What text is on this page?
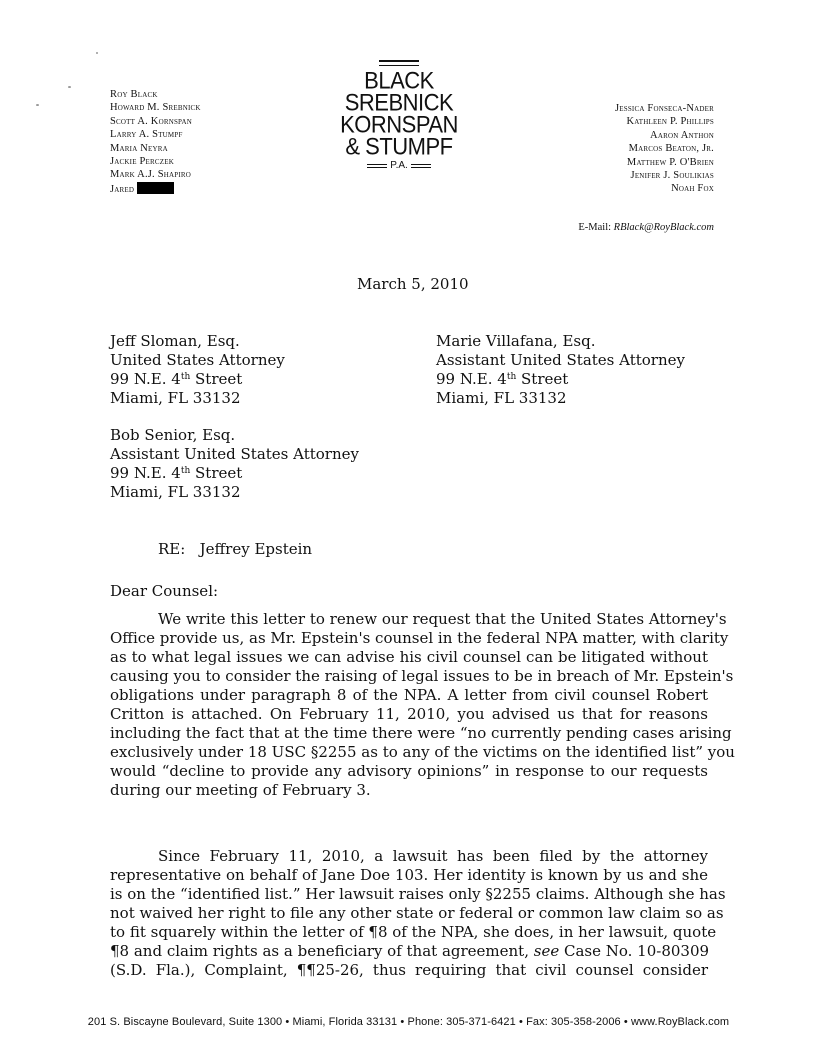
Roy Black
Howard M. Srebnick
Scott A. Kornspan
Larry A. Stumpf
Maria Neyra
Jackie Perczek
Mark A.J. Shapiro
Jared
BLACK
SREBNICK
KORNSPAN
& STUMPF
P.A.
Jessica Fonseca-Nader
Kathleen P. Phillips
Aaron Anthon
Marcos Beaton, Jr.
Matthew P. O'Brien
Jenifer J. Soulikias
Noah Fox
E-Mail: RBlack@RoyBlack.com
March 5, 2010
Jeff Sloman, Esq.
United States Attorney
99 N.E. 4th Street
Miami, FL 33132
Marie Villafana, Esq.
Assistant United States Attorney
99 N.E. 4th Street
Miami, FL 33132
Bob Senior, Esq.
Assistant United States Attorney
99 N.E. 4th Street
Miami, FL 33132
RE: Jeffrey Epstein
Dear Counsel:
We write this letter to renew our request that the United States Attorney's
Office provide us, as Mr. Epstein's counsel in the federal NPA matter, with clarity
as to what legal issues we can advise his civil counsel can be litigated without
causing you to consider the raising of legal issues to be in breach of Mr. Epstein's
obligations under paragraph 8 of the NPA. A letter from civil counsel Robert
Critton is attached. On February 11, 2010, you advised us that for reasons
including the fact that at the time there were “no currently pending cases arising
exclusively under 18 USC §2255 as to any of the victims on the identified list” you
would “decline to provide any advisory opinions” in response to our requests
during our meeting of February 3.
Since February 11, 2010, a lawsuit has been filed by the attorney
representative on behalf of Jane Doe 103. Her identity is known by us and she
is on the “identified list.” Her lawsuit raises only §2255 claims. Although she has
not waived her right to file any other state or federal or common law claim so as
to fit squarely within the letter of ¶8 of the NPA, she does, in her lawsuit, quote
¶8 and claim rights as a beneficiary of that agreement, see Case No. 10-80309
(S.D. Fla.), Complaint, ¶¶25-26, thus requiring that civil counsel consider
201 S. Biscayne Boulevard, Suite 1300 • Miami, Florida 33131 • Phone: 305-371-6421 • Fax: 305-358-2006 • www.RoyBlack.com
